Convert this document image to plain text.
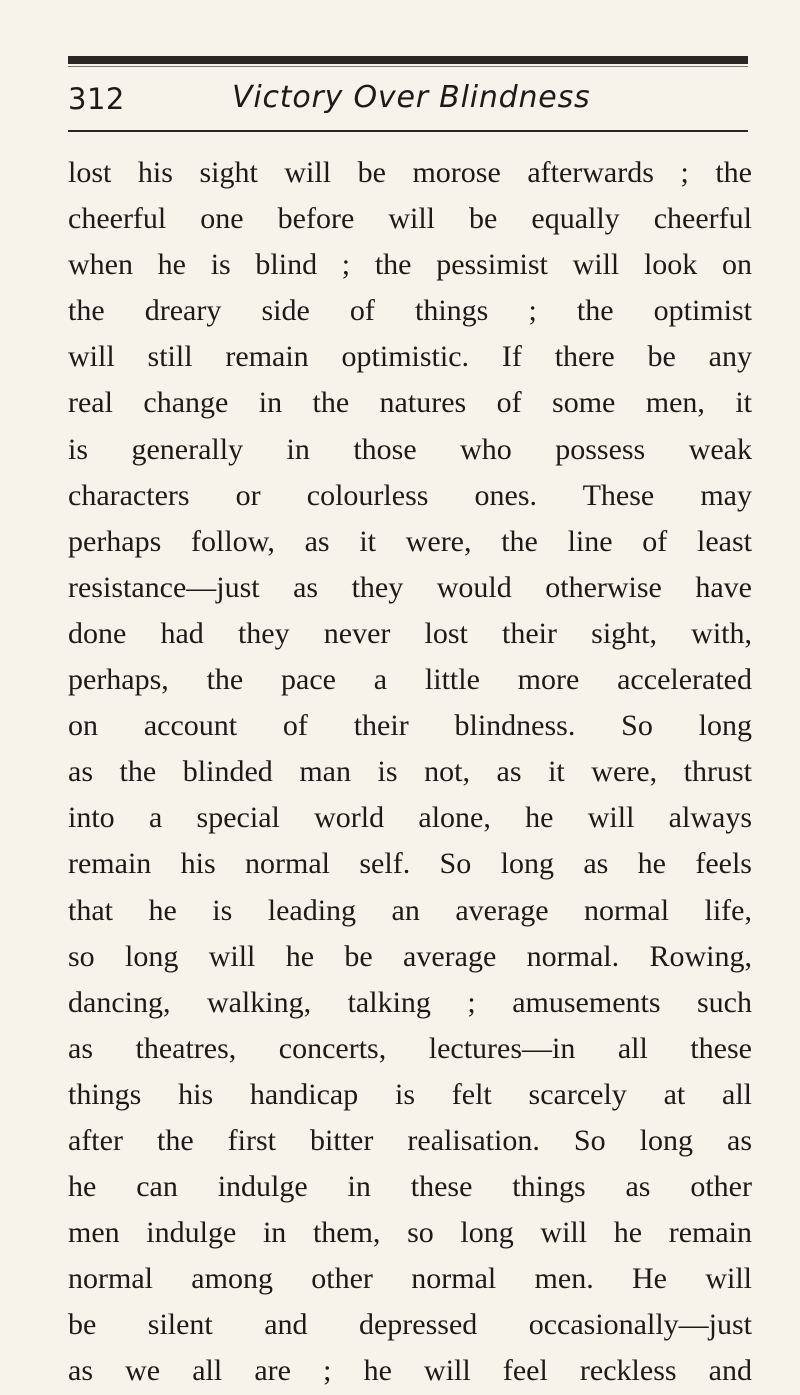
312	Victory Over Blindness
lost his sight will be morose afterwards ; the
cheerful one before will be equally cheerful
when he is blind ; the pessimist will look on
the dreary side of things ; the optimist
will still remain optimistic. If there be any
real change in the natures of some men, it
is generally in those who possess weak
characters or colourless ones. These may
perhaps follow, as it were, the line of least
resistance—just as they would otherwise have
done had they never lost their sight, with,
perhaps, the pace a little more accelerated
on account of their blindness. So long
as the blinded man is not, as it were, thrust
into a special world alone, he will always
remain his normal self. So long as he feels
that he is leading an average normal life,
so long will he be average normal. Rowing,
dancing, walking, talking ; amusements such
as theatres, concerts, lectures—in all these
things his handicap is felt scarcely at all
after the first bitter realisation. So long as
he can indulge in these things as other
men indulge in them, so long will he remain
normal among other normal men. He will
be silent and depressed occasionally—just
as we all are ; he will feel reckless and
